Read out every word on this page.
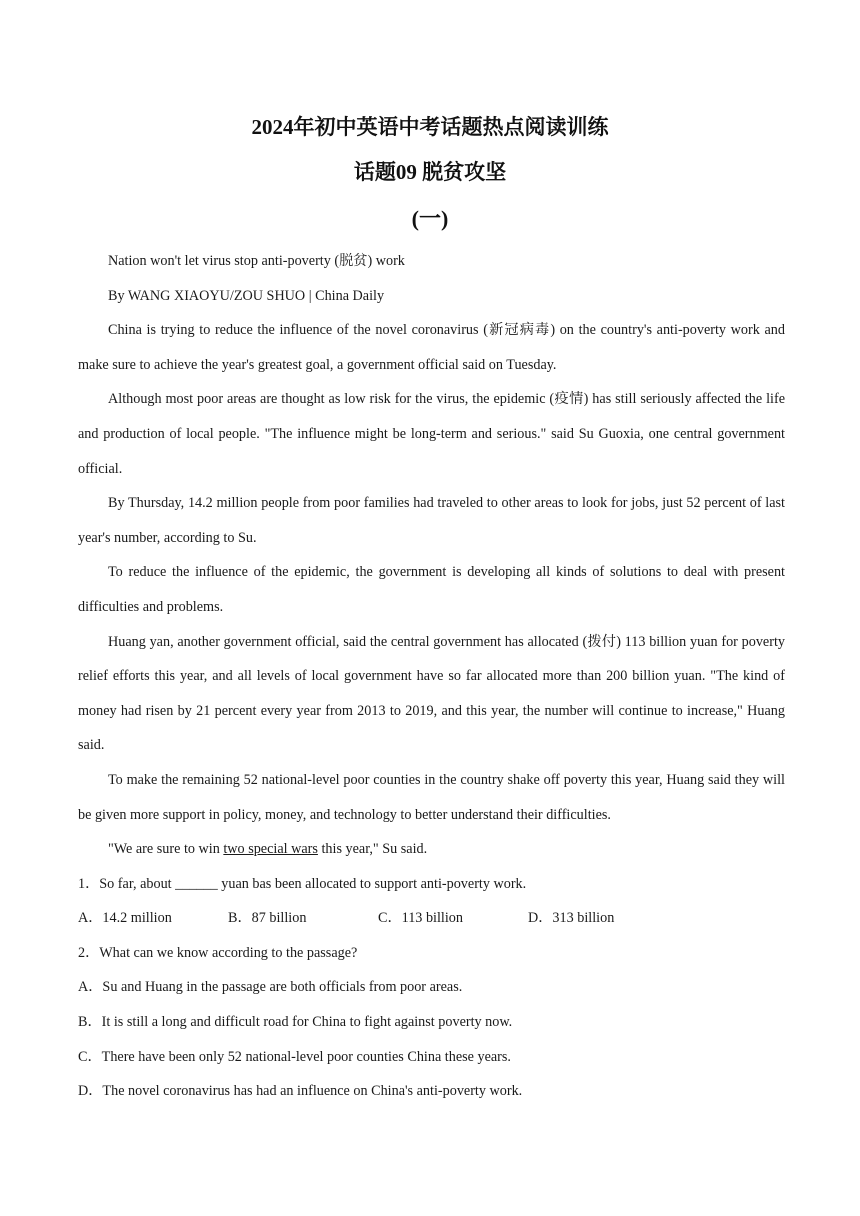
2024年初中英语中考话题热点阅读训练
话题09 脱贫攻坚
(一)

Nation won't let virus stop anti-poverty (脱贫) work

By WANG XIAOYU/ZOU SHUO | China Daily

China is trying to reduce the influence of the novel coronavirus (新冠病毒) on the country's anti-poverty work and make sure to achieve the year's greatest goal, a government official said on Tuesday.

Although most poor areas are thought as low risk for the virus, the epidemic (疫情) has still seriously affected the life and production of local people. "The influence might be long-term and serious." said Su Guoxia, one central government official.

By Thursday, 14.2 million people from poor families had traveled to other areas to look for jobs, just 52 percent of last year's number, according to Su.

To reduce the influence of the epidemic, the government is developing all kinds of solutions to deal with present difficulties and problems.

Huang yan, another government official, said the central government has allocated (拨付) 113 billion yuan for poverty relief efforts this year, and all levels of local government have so far allocated more than 200 billion yuan. "The kind of money had risen by 21 percent every year from 2013 to 2019, and this year, the number will continue to increase," Huang said.

To make the remaining 52 national-level poor counties in the country shake off poverty this year, Huang said they will be given more support in policy, money, and technology to better understand their difficulties.

"We are sure to win two special wars this year," Su said.

1．So far, about ______ yuan bas been allocated to support anti-poverty work.

A．14.2 million	B．87 billion	C．113 billion	D．313 billion

2．What can we know according to the passage?

A．Su and Huang in the passage are both officials from poor areas.

B．It is still a long and difficult road for China to fight against poverty now.

C．There have been only 52 national-level poor counties China these years.

D．The novel coronavirus has had an influence on China's anti-poverty work.
